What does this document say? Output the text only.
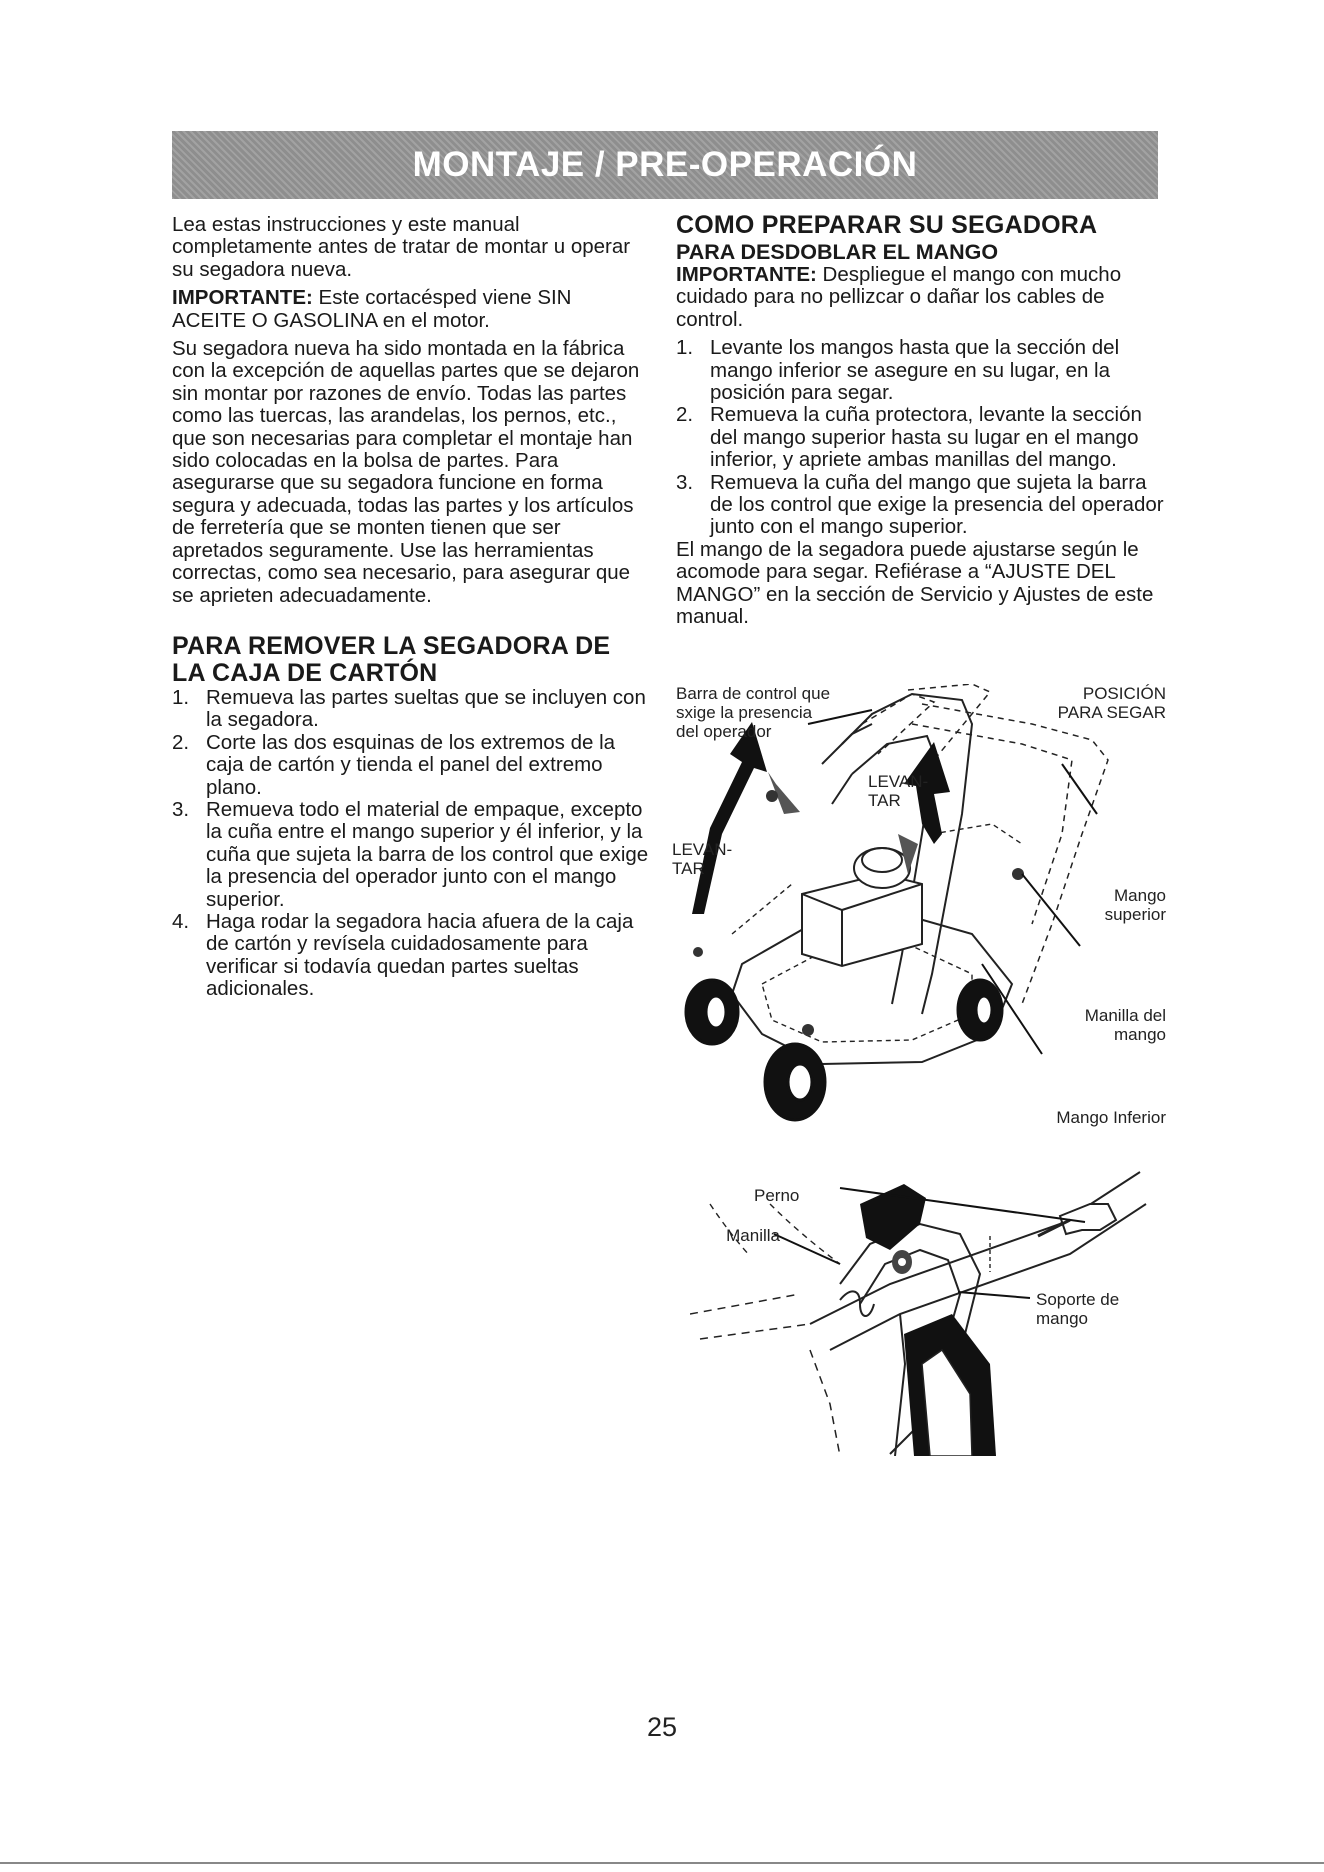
MONTAJE / PRE-OPERACIÓN

Lea estas instrucciones y este manual completamente antes de tratar de montar u operar su segadora nueva.

IMPORTANTE: Este cortacésped viene SIN ACEITE O GASOLINA en el motor.

Su segadora nueva ha sido montada en la fábrica con la excepción de aquellas partes que se dejaron sin montar por razones de envío. Todas las partes como las tuercas, las arandelas, los pernos, etc., que son necesarias para completar el montaje han sido colocadas en la bolsa de partes. Para asegurarse que su segadora funcione en forma segura y adecuada, todas las partes y los artículos de ferretería que se monten tienen que ser apretados seguramente. Use las herramientas correctas, como sea necesario, para asegurar que se aprieten adecuadamente.

PARA REMOVER LA SEGADORA DE LA CAJA DE CARTÓN
1. Remueva las partes sueltas que se incluyen con la segadora.
2. Corte las dos esquinas de los extremos de la caja de cartón y tienda el panel del extremo plano.
3. Remueva todo el material de empaque, excepto la cuña entre el mango superior y él inferior, y la cuña que sujeta la barra de los control que exige la presencia del operador junto con el mango superior.
4. Haga rodar la segadora hacia afuera de la caja de cartón y revísela cuidadosamente para verificar si todavía quedan partes sueltas adicionales.
COMO PREPARAR SU SEGADORA
PARA DESDOBLAR EL MANGO

IMPORTANTE: Despliegue el mango con mucho cuidado para no pellizcar o dañar los cables de control.

1. Levante los mangos hasta que la sección del mango inferior se asegure en su lugar, en la posición para segar.
2. Remueva la cuña protectora, levante la sección del mango superior hasta su lugar en el mango inferior, y apriete ambas manillas del mango.
3. Remueva la cuña del mango que sujeta la barra de los control que exige la presencia del operador junto con el mango superior.

El mango de la segadora puede ajustarse según le acomode para segar. Refiérase a “AJUSTE DEL MANGO” en la sección de Servicio y Ajustes de este manual.

Barra de control que sxige la presencia del operador
POSICIÓN PARA SEGAR
LEVAN- TAR
LEVAN- TAR
Mango superior
Manilla del mango
Mango Inferior
Perno
Manilla
Soporte de mango
25
